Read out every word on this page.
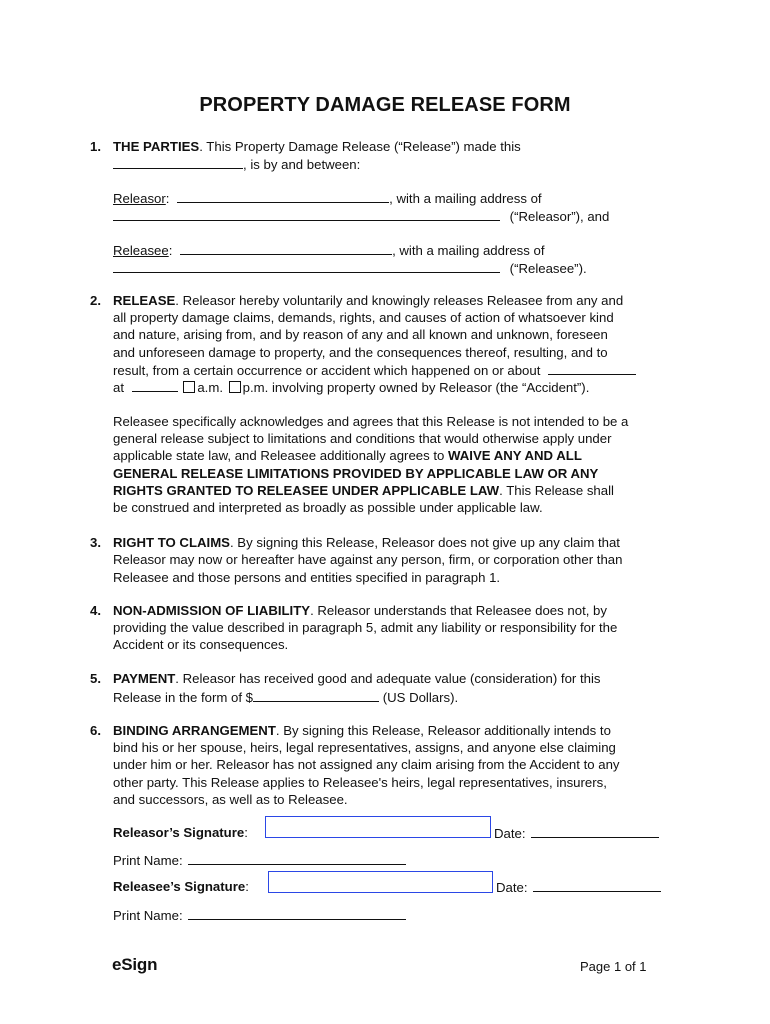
PROPERTY DAMAGE RELEASE FORM
1. THE PARTIES. This Property Damage Release (“Release”) made this
, is by and between:
Releasor:	, with a mailing address of
(“Releasor”), and
Releasee:	, with a mailing address of
(“Releasee”).
2. RELEASE. Releasor hereby voluntarily and knowingly releases Releasee from any and
all property damage claims, demands, rights, and causes of action of whatsoever kind
and nature, arising from, and by reason of any and all known and unknown, foreseen
and unforeseen damage to property, and the consequences thereof, resulting, and to
result, from a certain occurrence or accident which happened on or about
at	a.m. p.m. involving property owned by Releasor (the “Accident”).
Releasee specifically acknowledges and agrees that this Release is not intended to be a
general release subject to limitations and conditions that would otherwise apply under
applicable state law, and Releasee additionally agrees to WAIVE ANY AND ALL
GENERAL RELEASE LIMITATIONS PROVIDED BY APPLICABLE LAW OR ANY
RIGHTS GRANTED TO RELEASEE UNDER APPLICABLE LAW. This Release shall
be construed and interpreted as broadly as possible under applicable law.
3. RIGHT TO CLAIMS. By signing this Release, Releasor does not give up any claim that
Releasor may now or hereafter have against any person, firm, or corporation other than
Releasee and those persons and entities specified in paragraph 1.
4. NON-ADMISSION OF LIABILITY. Releasor understands that Releasee does not, by
providing the value described in paragraph 5, admit any liability or responsibility for the
Accident or its consequences.
5. PAYMENT. Releasor has received good and adequate value (consideration) for this
Release in the form of $	(US Dollars).
6. BINDING ARRANGEMENT. By signing this Release, Releasor additionally intends to
bind his or her spouse, heirs, legal representatives, assigns, and anyone else claiming
under him or her. Releasor has not assigned any claim arising from the Accident to any
other party. This Release applies to Releasee's heirs, legal representatives, insurers,
and successors, as well as to Releasee.
Releasor’s Signature:	Date:
Print Name:
Releasee’s Signature:	Date:
Print Name:
eSign	Page 1 of 1
